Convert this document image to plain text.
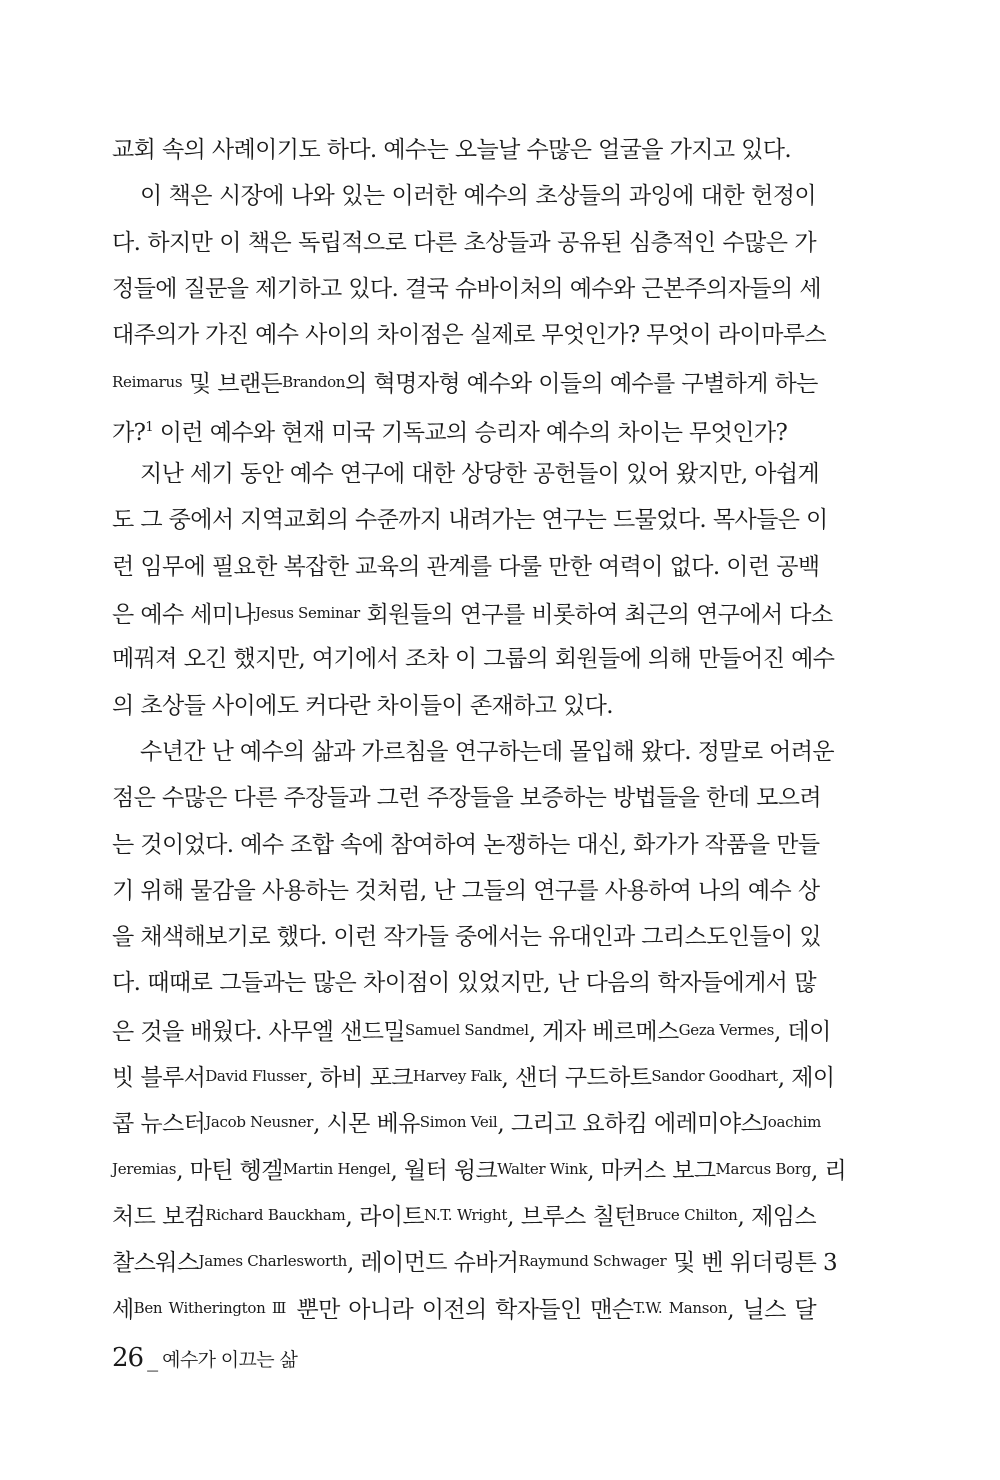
교회 속의 사례이기도 하다. 예수는 오늘날 수많은 얼굴을 가지고 있다.
이 책은 시장에 나와 있는 이러한 예수의 초상들의 과잉에 대한 헌정이
다. 하지만 이 책은 독립적으로 다른 초상들과 공유된 심층적인 수많은 가
정들에 질문을 제기하고 있다. 결국 슈바이처의 예수와 근본주의자들의 세
대주의가 가진 예수 사이의 차이점은 실제로 무엇인가? 무엇이 라이마루스
Reimarus 및 브랜든Brandon의 혁명자형 예수와 이들의 예수를 구별하게 하는
가?$^1$ 이런 예수와 현재 미국 기독교의 승리자 예수의 차이는 무엇인가?
지난 세기 동안 예수 연구에 대한 상당한 공헌들이 있어 왔지만, 아쉽게
도 그 중에서 지역교회의 수준까지 내려가는 연구는 드물었다. 목사들은 이
런 임무에 필요한 복잡한 교육의 관계를 다룰 만한 여력이 없다. 이런 공백
은 예수 세미나Jesus Seminar 회원들의 연구를 비롯하여 최근의 연구에서 다소
메꿔져 오긴 했지만, 여기에서 조차 이 그룹의 회원들에 의해 만들어진 예수
의 초상들 사이에도 커다란 차이들이 존재하고 있다.
수년간 난 예수의 삶과 가르침을 연구하는데 몰입해 왔다. 정말로 어려운
점은 수많은 다른 주장들과 그런 주장들을 보증하는 방법들을 한데 모으려
는 것이었다. 예수 조합 속에 참여하여 논쟁하는 대신, 화가가 작품을 만들
기 위해 물감을 사용하는 것처럼, 난 그들의 연구를 사용하여 나의 예수 상
을 채색해보기로 했다. 이런 작가들 중에서는 유대인과 그리스도인들이 있
다. 때때로 그들과는 많은 차이점이 있었지만, 난 다음의 학자들에게서 많
은 것을 배웠다. 사무엘 샌드밀Samuel Sandmel, 게자 베르메스Geza Vermes, 데이
빗 블루서David Flusser, 하비 포크Harvey Falk, 샌더 구드하트Sandor Goodhart, 제이
콥 뉴스터Jacob Neusner, 시몬 베유Simon Veil, 그리고 요하킴 에레미야스Joachim
Jeremias, 마틴 헹겔Martin Hengel, 월터 윙크Walter Wink, 마커스 보그Marcus Borg, 리
처드 보컴Richard Bauckham, 라이트N.T. Wright, 브루스 칠턴Bruce Chilton, 제임스
찰스워스James Charlesworth, 레이먼드 슈바거Raymund Schwager 및 벤 위더링튼 3
세Ben Witherington Ⅲ 뿐만 아니라 이전의 학자들인 맨슨T.W. Manson, 닐스 달
26 _ 예수가 이끄는 삶
